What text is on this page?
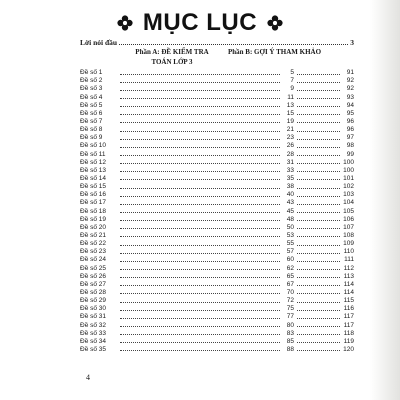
MỤC LỤC
Lời nói đầu	3
Phần A: ĐỀ KIỂM TRA
TOÁN LỚP 3
Phần B: GỢI Ý THAM KHẢO
Đề số 1	5	91
Đề số 2	7	92
Đề số 3	9	92
Đề số 4	11	93
Đề số 5	13	94
Đề số 6	15	95
Đề số 7	19	96
Đề số 8	21	96
Đề số 9	23	97
Đề số 10	26	98
Đề số 11	28	99
Đề số 12	31	100
Đề số 13	33	100
Đề số 14	35	101
Đề số 15	38	102
Đề số 16	40	103
Đề số 17	43	104
Đề số 18	45	105
Đề số 19	48	106
Đề số 20	50	107
Đề số 21	53	108
Đề số 22	55	109
Đề số 23	57	110
Đề số 24	60	111
Đề số 25	62	112
Đề số 26	65	113
Đề số 27	67	114
Đề số 28	70	114
Đề số 29	72	115
Đề số 30	75	116
Đề số 31	77	117
Đề số 32	80	117
Đề số 33	83	118
Đề số 34	85	119
Đề số 35	88	120
4
